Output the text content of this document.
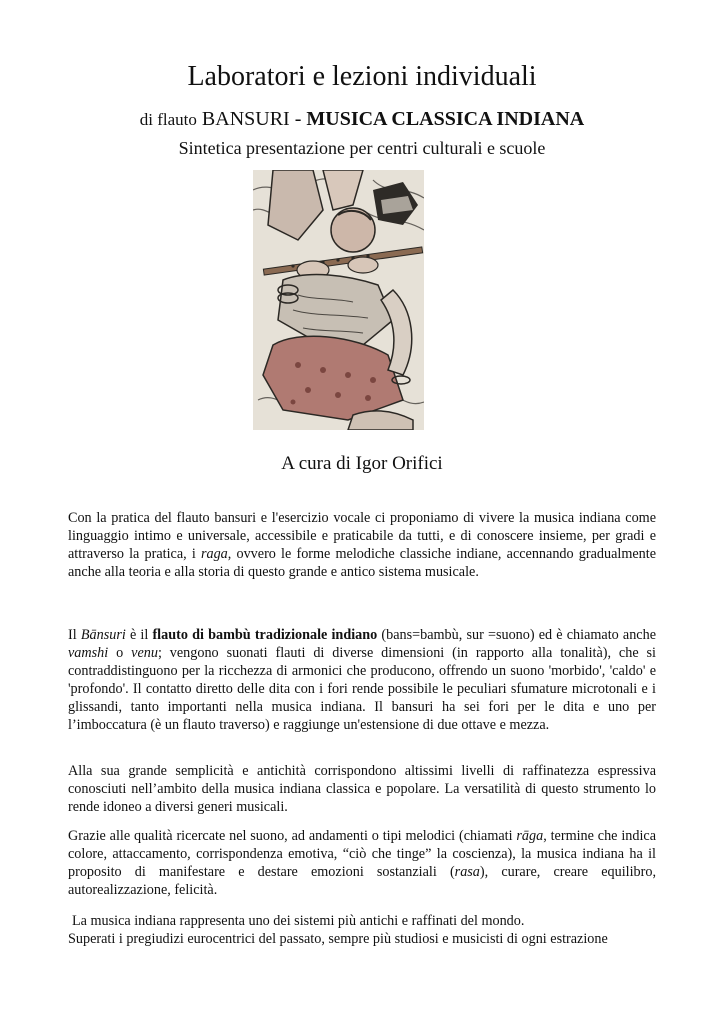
Laboratori e lezioni individuali

di flauto BANSURI - MUSICA CLASSICA INDIANA

Sintetica presentazione per centri culturali e scuole

A cura di Igor Orifici

Con la pratica del flauto bansuri e l'esercizio vocale ci proponiamo di vivere la musica indiana come linguaggio intimo e universale, accessibile e praticabile da tutti, e di conoscere insieme, per gradi e attraverso la pratica, i raga, ovvero le forme melodiche classiche indiane, accennando gradualmente anche alla teoria e alla storia di questo grande e antico sistema musicale.

Il Bānsuri è il flauto di bambù tradizionale indiano (bans=bambù, sur =suono) ed è chiamato anche vamshi o venu; vengono suonati flauti di diverse dimensioni (in rapporto alla tonalità), che si contraddistinguono per la ricchezza di armonici che producono, offrendo un suono 'morbido', 'caldo' e 'profondo'. Il contatto diretto delle dita con i fori rende possibile le peculiari sfumature microtonali e i glissandi, tanto importanti nella musica indiana. Il bansuri ha sei fori per le dita e uno per l’imboccatura (è un flauto traverso) e raggiunge un'estensione di due ottave e mezza.

Alla sua grande semplicità e antichità corrispondono altissimi livelli di raffinatezza espressiva conosciuti nell’ambito della musica indiana classica e popolare. La versatilità di questo strumento lo rende idoneo a diversi generi musicali.

Grazie alle qualità ricercate nel suono, ad andamenti o tipi melodici (chiamati rāga, termine che indica colore, attaccamento, corrispondenza emotiva, “ciò che tinge” la coscienza), la musica indiana ha il proposito di manifestare e destare emozioni sostanziali (rasa), curare, creare equilibro, autorealizzazione, felicità.

La musica indiana rappresenta uno dei sistemi più antichi e raffinati del mondo.
Superati i pregiudizi eurocentrici del passato, sempre più studiosi e musicisti di ogni estrazione
